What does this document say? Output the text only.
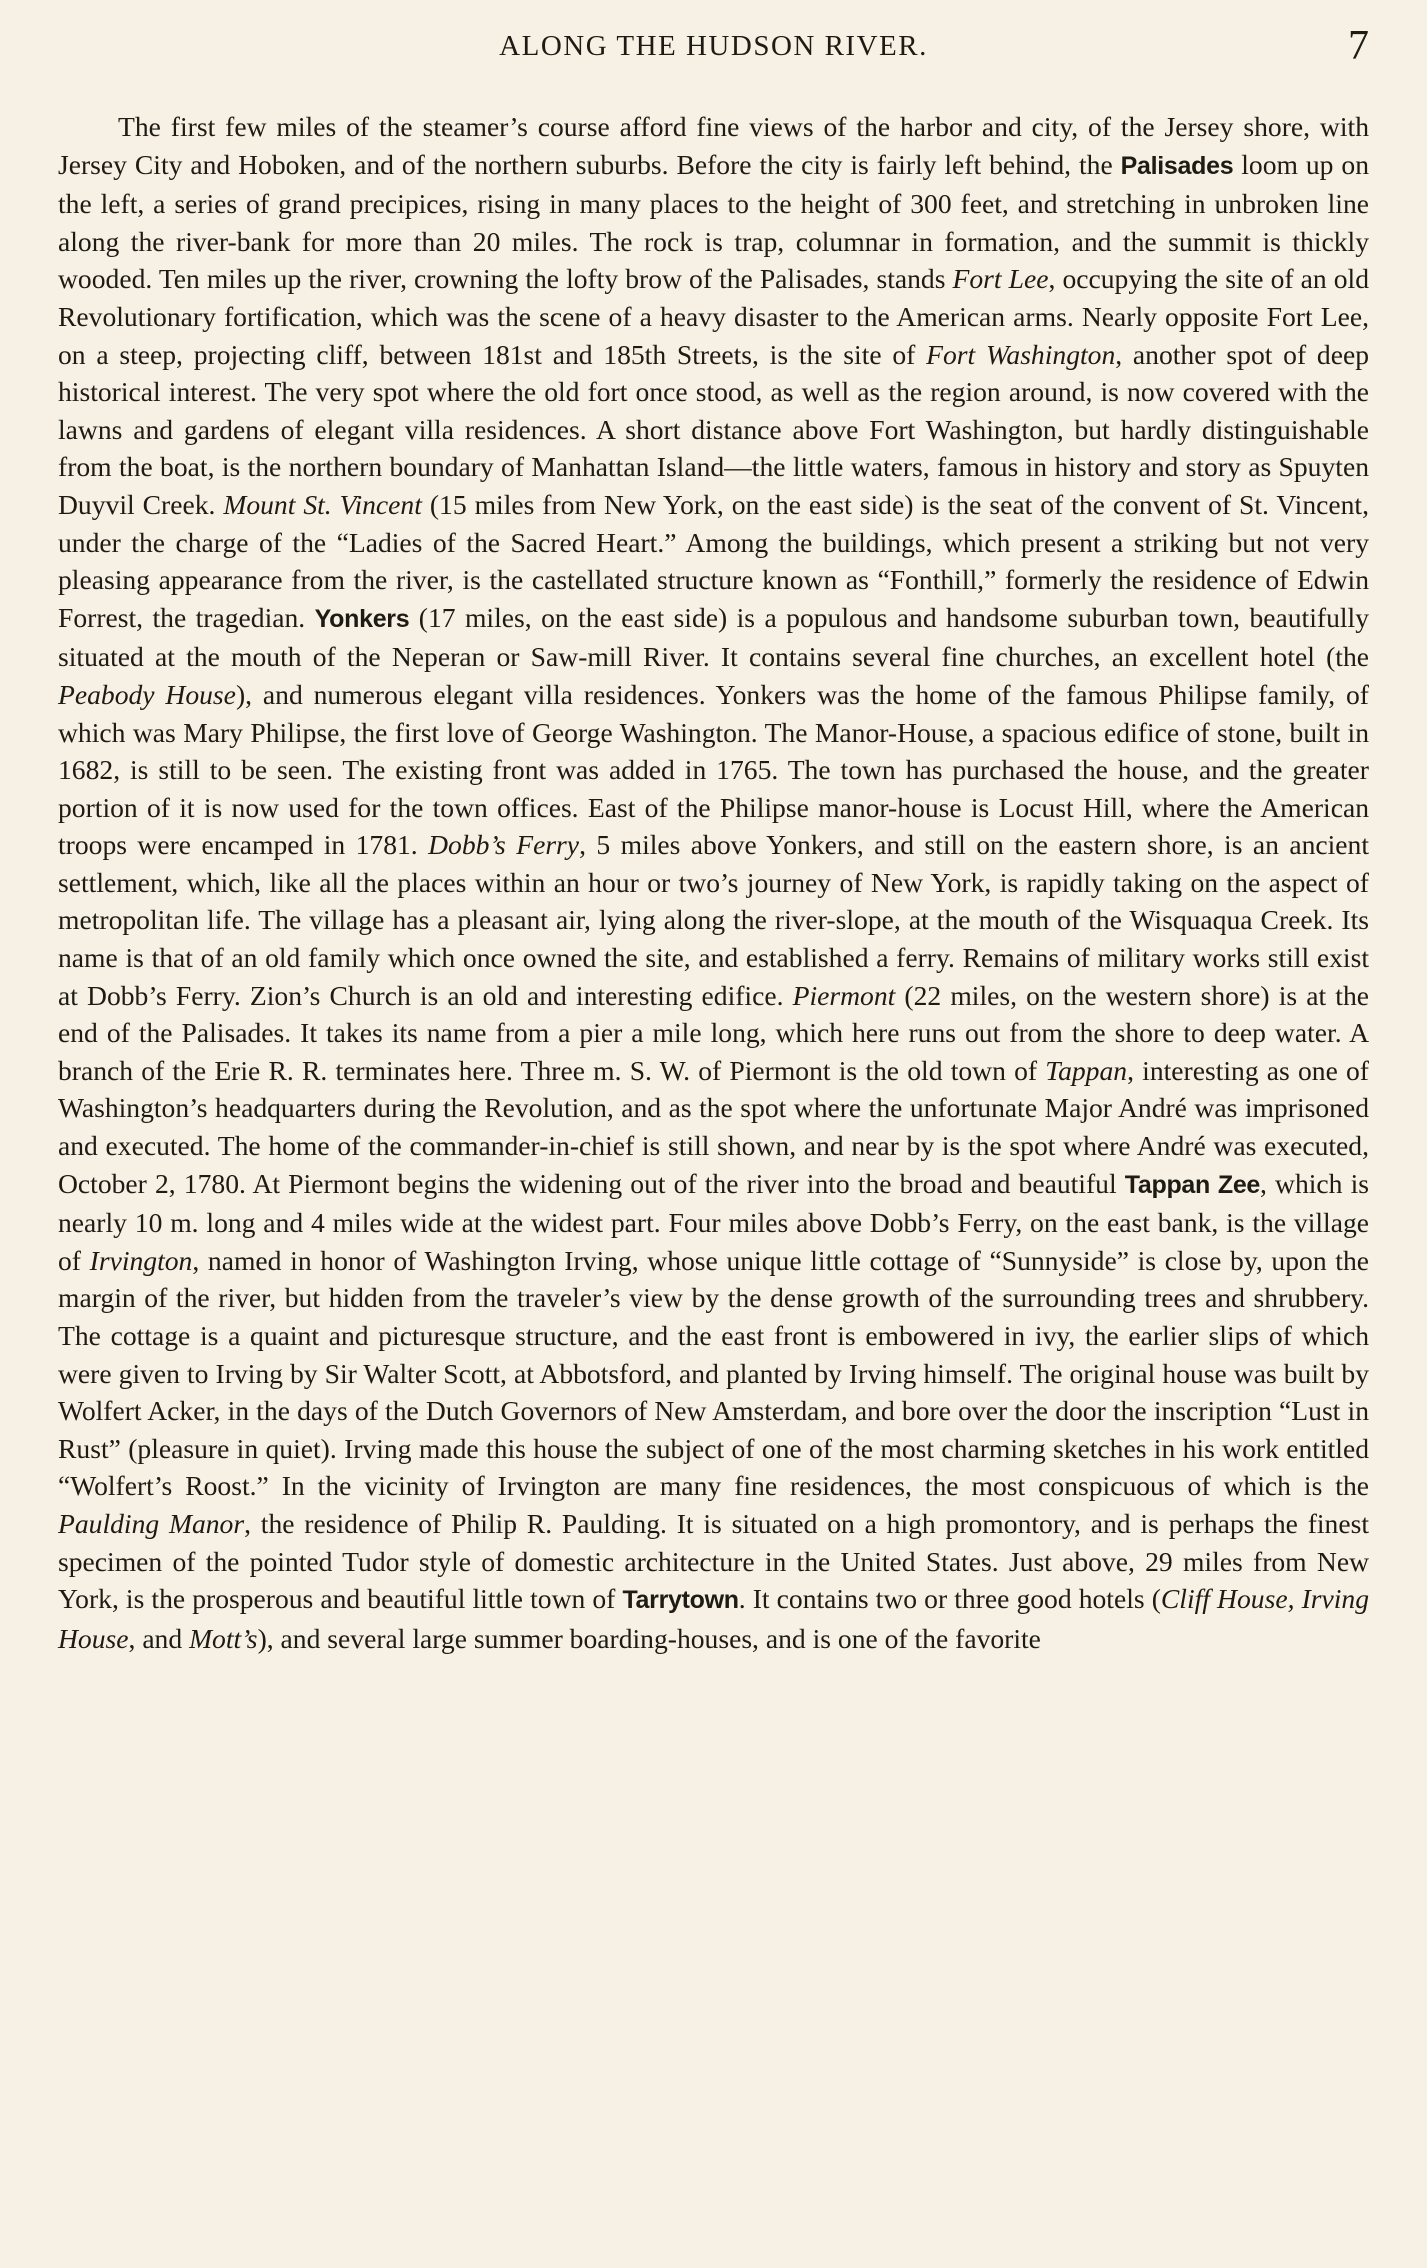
ALONG THE HUDSON RIVER.	7

The first few miles of the steamer’s course afford fine views of the harbor and city, of the Jersey shore, with Jersey City and Hoboken, and of the northern suburbs. Before the city is fairly left behind, the Palisades loom up on the left, a series of grand precipices, rising in many places to the height of 300 feet, and stretching in unbroken line along the river-bank for more than 20 miles. The rock is trap, columnar in formation, and the summit is thickly wooded. Ten miles up the river, crowning the lofty brow of the Palisades, stands Fort Lee, occupying the site of an old Revolutionary fortification, which was the scene of a heavy disaster to the American arms. Nearly opposite Fort Lee, on a steep, projecting cliff, between 181st and 185th Streets, is the site of Fort Washington, another spot of deep historical interest. The very spot where the old fort once stood, as well as the region around, is now covered with the lawns and gardens of elegant villa residences. A short distance above Fort Washington, but hardly distinguishable from the boat, is the northern boundary of Manhattan Island—the little waters, famous in history and story as Spuyten Duyvil Creek. Mount St. Vincent (15 miles from New York, on the east side) is the seat of the convent of St. Vincent, under the charge of the “Ladies of the Sacred Heart.” Among the buildings, which present a striking but not very pleasing appearance from the river, is the castellated structure known as “Fonthill,” formerly the residence of Edwin Forrest, the tragedian. Yonkers (17 miles, on the east side) is a populous and handsome suburban town, beautifully situated at the mouth of the Neperan or Saw-mill River. It contains several fine churches, an excellent hotel (the Peabody House), and numerous elegant villa residences. Yonkers was the home of the famous Philipse family, of which was Mary Philipse, the first love of George Washington. The Manor-House, a spacious edifice of stone, built in 1682, is still to be seen. The existing front was added in 1765. The town has purchased the house, and the greater portion of it is now used for the town offices. East of the Philipse manor-house is Locust Hill, where the American troops were encamped in 1781. Dobb’s Ferry, 5 miles above Yonkers, and still on the eastern shore, is an ancient settlement, which, like all the places within an hour or two’s journey of New York, is rapidly taking on the aspect of metropolitan life. The village has a pleasant air, lying along the river-slope, at the mouth of the Wisquaqua Creek. Its name is that of an old family which once owned the site, and established a ferry. Remains of military works still exist at Dobb’s Ferry. Zion’s Church is an old and interesting edifice. Piermont (22 miles, on the western shore) is at the end of the Palisades. It takes its name from a pier a mile long, which here runs out from the shore to deep water. A branch of the Erie R. R. terminates here. Three m. S. W. of Piermont is the old town of Tappan, interesting as one of Washington’s headquarters during the Revolution, and as the spot where the unfortunate Major André was imprisoned and executed. The home of the commander-in-chief is still shown, and near by is the spot where André was executed, October 2, 1780. At Piermont begins the widening out of the river into the broad and beautiful Tappan Zee, which is nearly 10 m. long and 4 miles wide at the widest part. Four miles above Dobb’s Ferry, on the east bank, is the village of Irvington, named in honor of Washington Irving, whose unique little cottage of “Sunnyside” is close by, upon the margin of the river, but hidden from the traveler’s view by the dense growth of the surrounding trees and shrubbery. The cottage is a quaint and picturesque structure, and the east front is embowered in ivy, the earlier slips of which were given to Irving by Sir Walter Scott, at Abbotsford, and planted by Irving himself. The original house was built by Wolfert Acker, in the days of the Dutch Governors of New Amsterdam, and bore over the door the inscription “Lust in Rust” (pleasure in quiet). Irving made this house the subject of one of the most charming sketches in his work entitled “Wolfert’s Roost.” In the vicinity of Irvington are many fine residences, the most conspicuous of which is the Paulding Manor, the residence of Philip R. Paulding. It is situated on a high promontory, and is perhaps the finest specimen of the pointed Tudor style of domestic architecture in the United States. Just above, 29 miles from New York, is the prosperous and beautiful little town of Tarrytown. It contains two or three good hotels (Cliff House, Irving House, and Mott’s), and several large summer boarding-houses, and is one of the favorite
